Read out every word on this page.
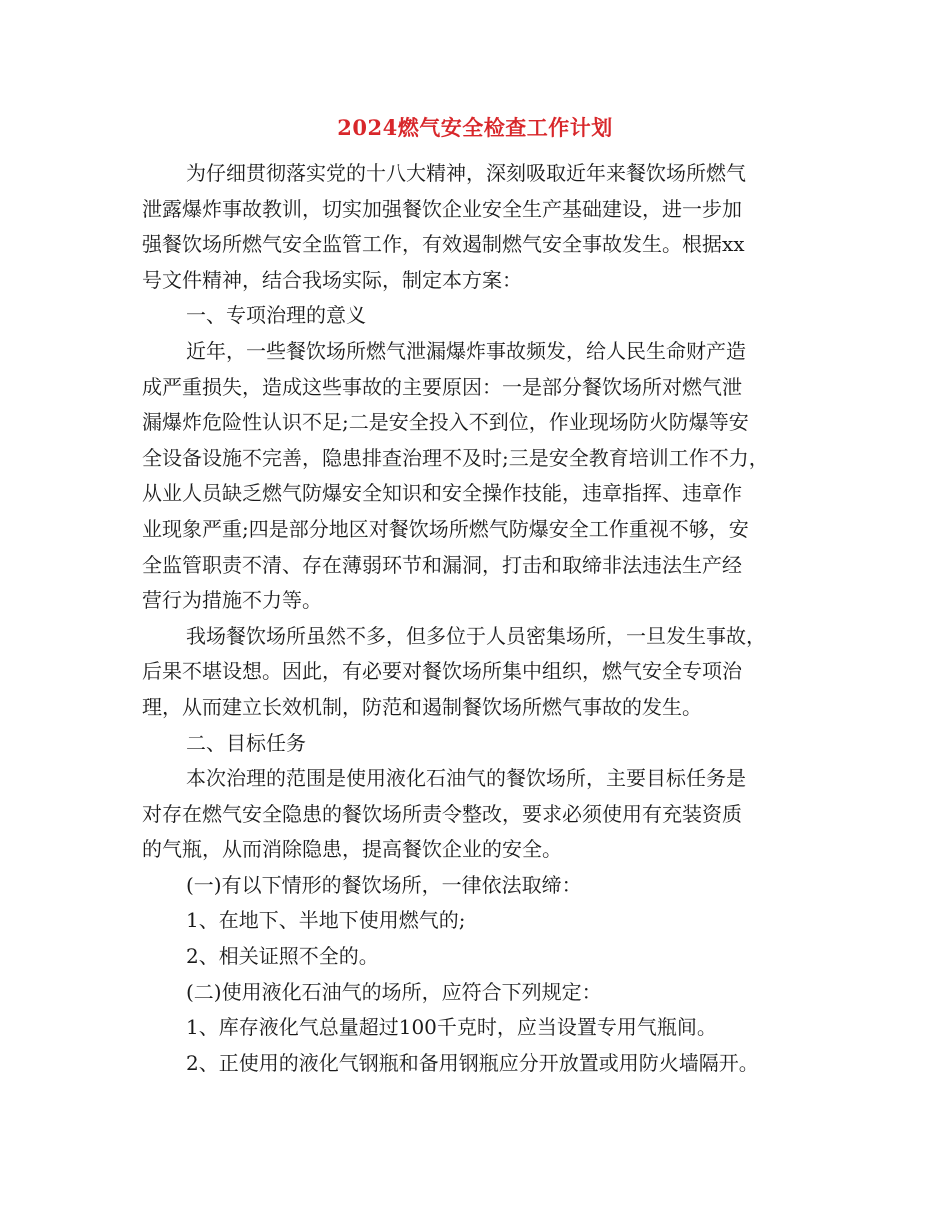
2024燃气安全检查工作计划

为仔细贯彻落实党的十八大精神，深刻吸取近年来餐饮场所燃气

泄露爆炸事故教训，切实加强餐饮企业安全生产基础建设，进一步加

强餐饮场所燃气安全监管工作，有效遏制燃气安全事故发生。根据xx

号文件精神，结合我场实际，制定本方案：

一、专项治理的意义

近年，一些餐饮场所燃气泄漏爆炸事故频发，给人民生命财产造

成严重损失，造成这些事故的主要原因：一是部分餐饮场所对燃气泄

漏爆炸危险性认识不足;二是安全投入不到位，作业现场防火防爆等安

全设备设施不完善，隐患排查治理不及时;三是安全教育培训工作不力，

从业人员缺乏燃气防爆安全知识和安全操作技能，违章指挥、违章作

业现象严重;四是部分地区对餐饮场所燃气防爆安全工作重视不够，安

全监管职责不清、存在薄弱环节和漏洞，打击和取缔非法违法生产经

营行为措施不力等。

我场餐饮场所虽然不多，但多位于人员密集场所，一旦发生事故，

后果不堪设想。因此，有必要对餐饮场所集中组织，燃气安全专项治

理，从而建立长效机制，防范和遏制餐饮场所燃气事故的发生。

二、目标任务

本次治理的范围是使用液化石油气的餐饮场所，主要目标任务是

对存在燃气安全隐患的餐饮场所责令整改，要求必须使用有充装资质

的气瓶，从而消除隐患，提高餐饮企业的安全。

(一)有以下情形的餐饮场所，一律依法取缔：

1、在地下、半地下使用燃气的;

2、相关证照不全的。

(二)使用液化石油气的场所，应符合下列规定：

1、库存液化气总量超过100千克时，应当设置专用气瓶间。

2、正使用的液化气钢瓶和备用钢瓶应分开放置或用防火墙隔开。
